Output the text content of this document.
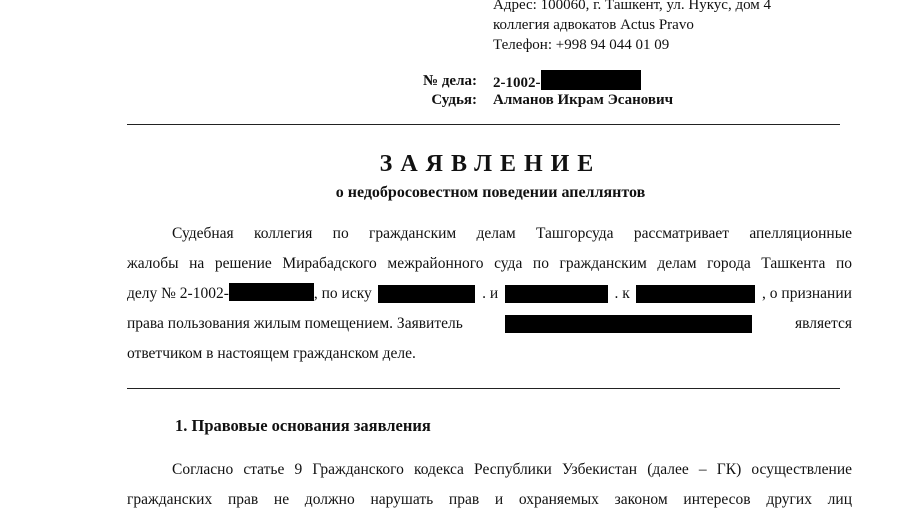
Адрес: 100060, г. Ташкент, ул. Нукус, дом 4
коллегия адвокатов Actus Pravo
Телефон: +998 94 044 01 09
№ дела: 2-1002-
Судья: Алманов Икрам Эсанович
ЗАЯВЛЕНИЕ
о недобросовестном поведении апеллянтов
Судебная коллегия по гражданским делам Ташгорсуда рассматривает апелляционные
жалобы на решение Мирабадского межрайонного суда по гражданским делам города Ташкента по
делу № 2-1002-	, по иску	. и	. к	, о признании
права пользования жилым помещением. Заявитель	является
ответчиком в настоящем гражданском деле.
1. Правовые основания заявления
Согласно статье 9 Гражданского кодекса Республики Узбекистан (далее – ГК) осуществление
гражданских прав не должно нарушать прав и охраняемых законом интересов других лиц
